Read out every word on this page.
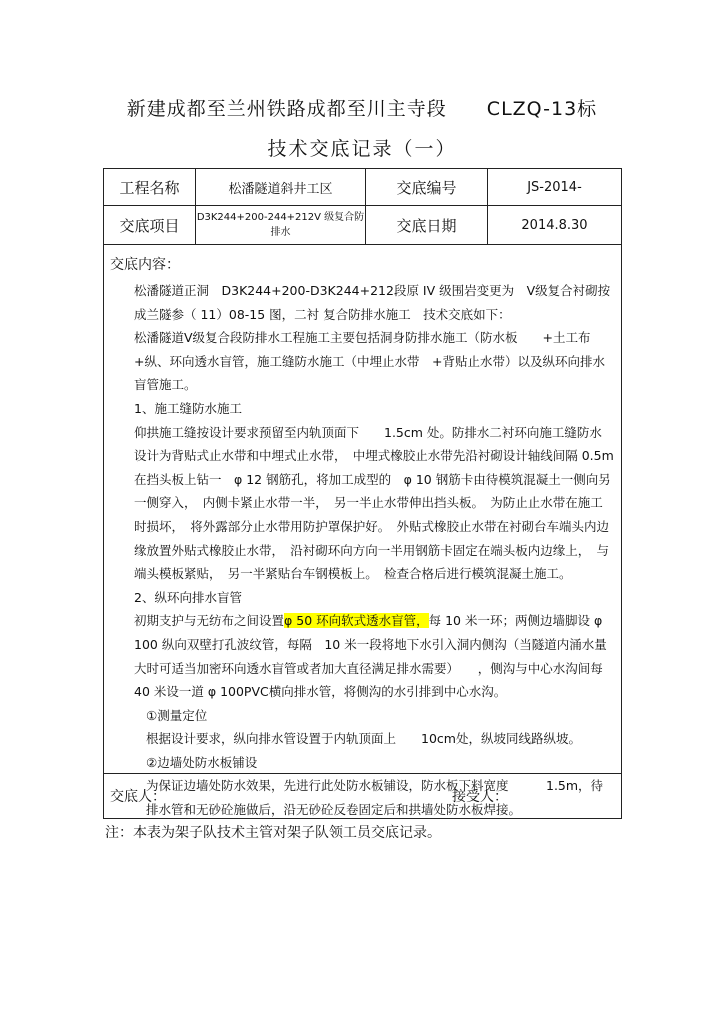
新建成都至兰州铁路成都至川主寺段　　CLZQ-13标
技术交底记录（一）
工程名称	松潘隧道斜井工区	交底编号	JS-2014-
交底项目	D3K244+200-244+212V 级复合防排水	交底日期	2014.8.30
交底内容：

松潘隧道正洞　D3K244+200-D3K244+212段原 IV 级围岩变更为　V级复合衬砌按成兰隧参（ 11）08-15 图，二衬 复合防排水施工　技术交底如下：

松潘隧道Ⅴ级复合段防排水工程施工主要包括洞身防排水施工（防水板　　+土工布+纵、环向透水盲管，施工缝防水施工（中埋止水带　+背贴止水带）以及纵环向排水盲管施工。

1、施工缝防水施工

仰拱施工缝按设计要求预留至内轨顶面下　　1.5cm 处。防排水二衬环向施工缝防水设计为背贴式止水带和中埋式止水带，　中埋式橡胶止水带先沿衬砌设计轴线间隔 0.5m 在挡头板上钻一　φ 12 钢筋孔，将加工成型的　φ 10 钢筋卡由待模筑混凝土一侧向另一侧穿入，　内侧卡紧止水带一半，　另一半止水带伸出挡头板。　为防止止水带在施工时损坏，　将外露部分止水带用防护罩保护好。　外贴式橡胶止水带在衬砌台车端头内边缘放置外贴式橡胶止水带，　沿衬砌环向方向一半用钢筋卡固定在端头板内边缘上，　与端头模板紧贴，　另一半紧贴台车钢模板上。　检查合格后进行模筑混凝土施工。

2、纵环向排水盲管

初期支护与无纺布之间设置φ 50 环向软式透水盲管，每 10 米一环；两侧边墙脚设 φ 100 纵向双壁打孔波纹管，每隔　10 米一段将地下水引入洞内侧沟（当隧道内涌水量大时可适当加密环向透水盲管或者加大直径满足排水需要）　　，侧沟与中心水沟间每　40 米设一道 φ 100PVC横向排水管，将侧沟的水引排到中心水沟。

①测量定位

根据设计要求，纵向排水管设置于内轨顶面上　　10cm处，纵坡同线路纵坡。

②边墙处防水板铺设

为保证边墙处防水效果，先进行此处防水板铺设，防水板下料宽度　　　1.5m，待排水管和无砂砼施做后，沿无砂砼反卷固定后和拱墙处防水板焊接。

交底人：	接受人：
注：本表为架子队技术主管对架子队领工员交底记录。
